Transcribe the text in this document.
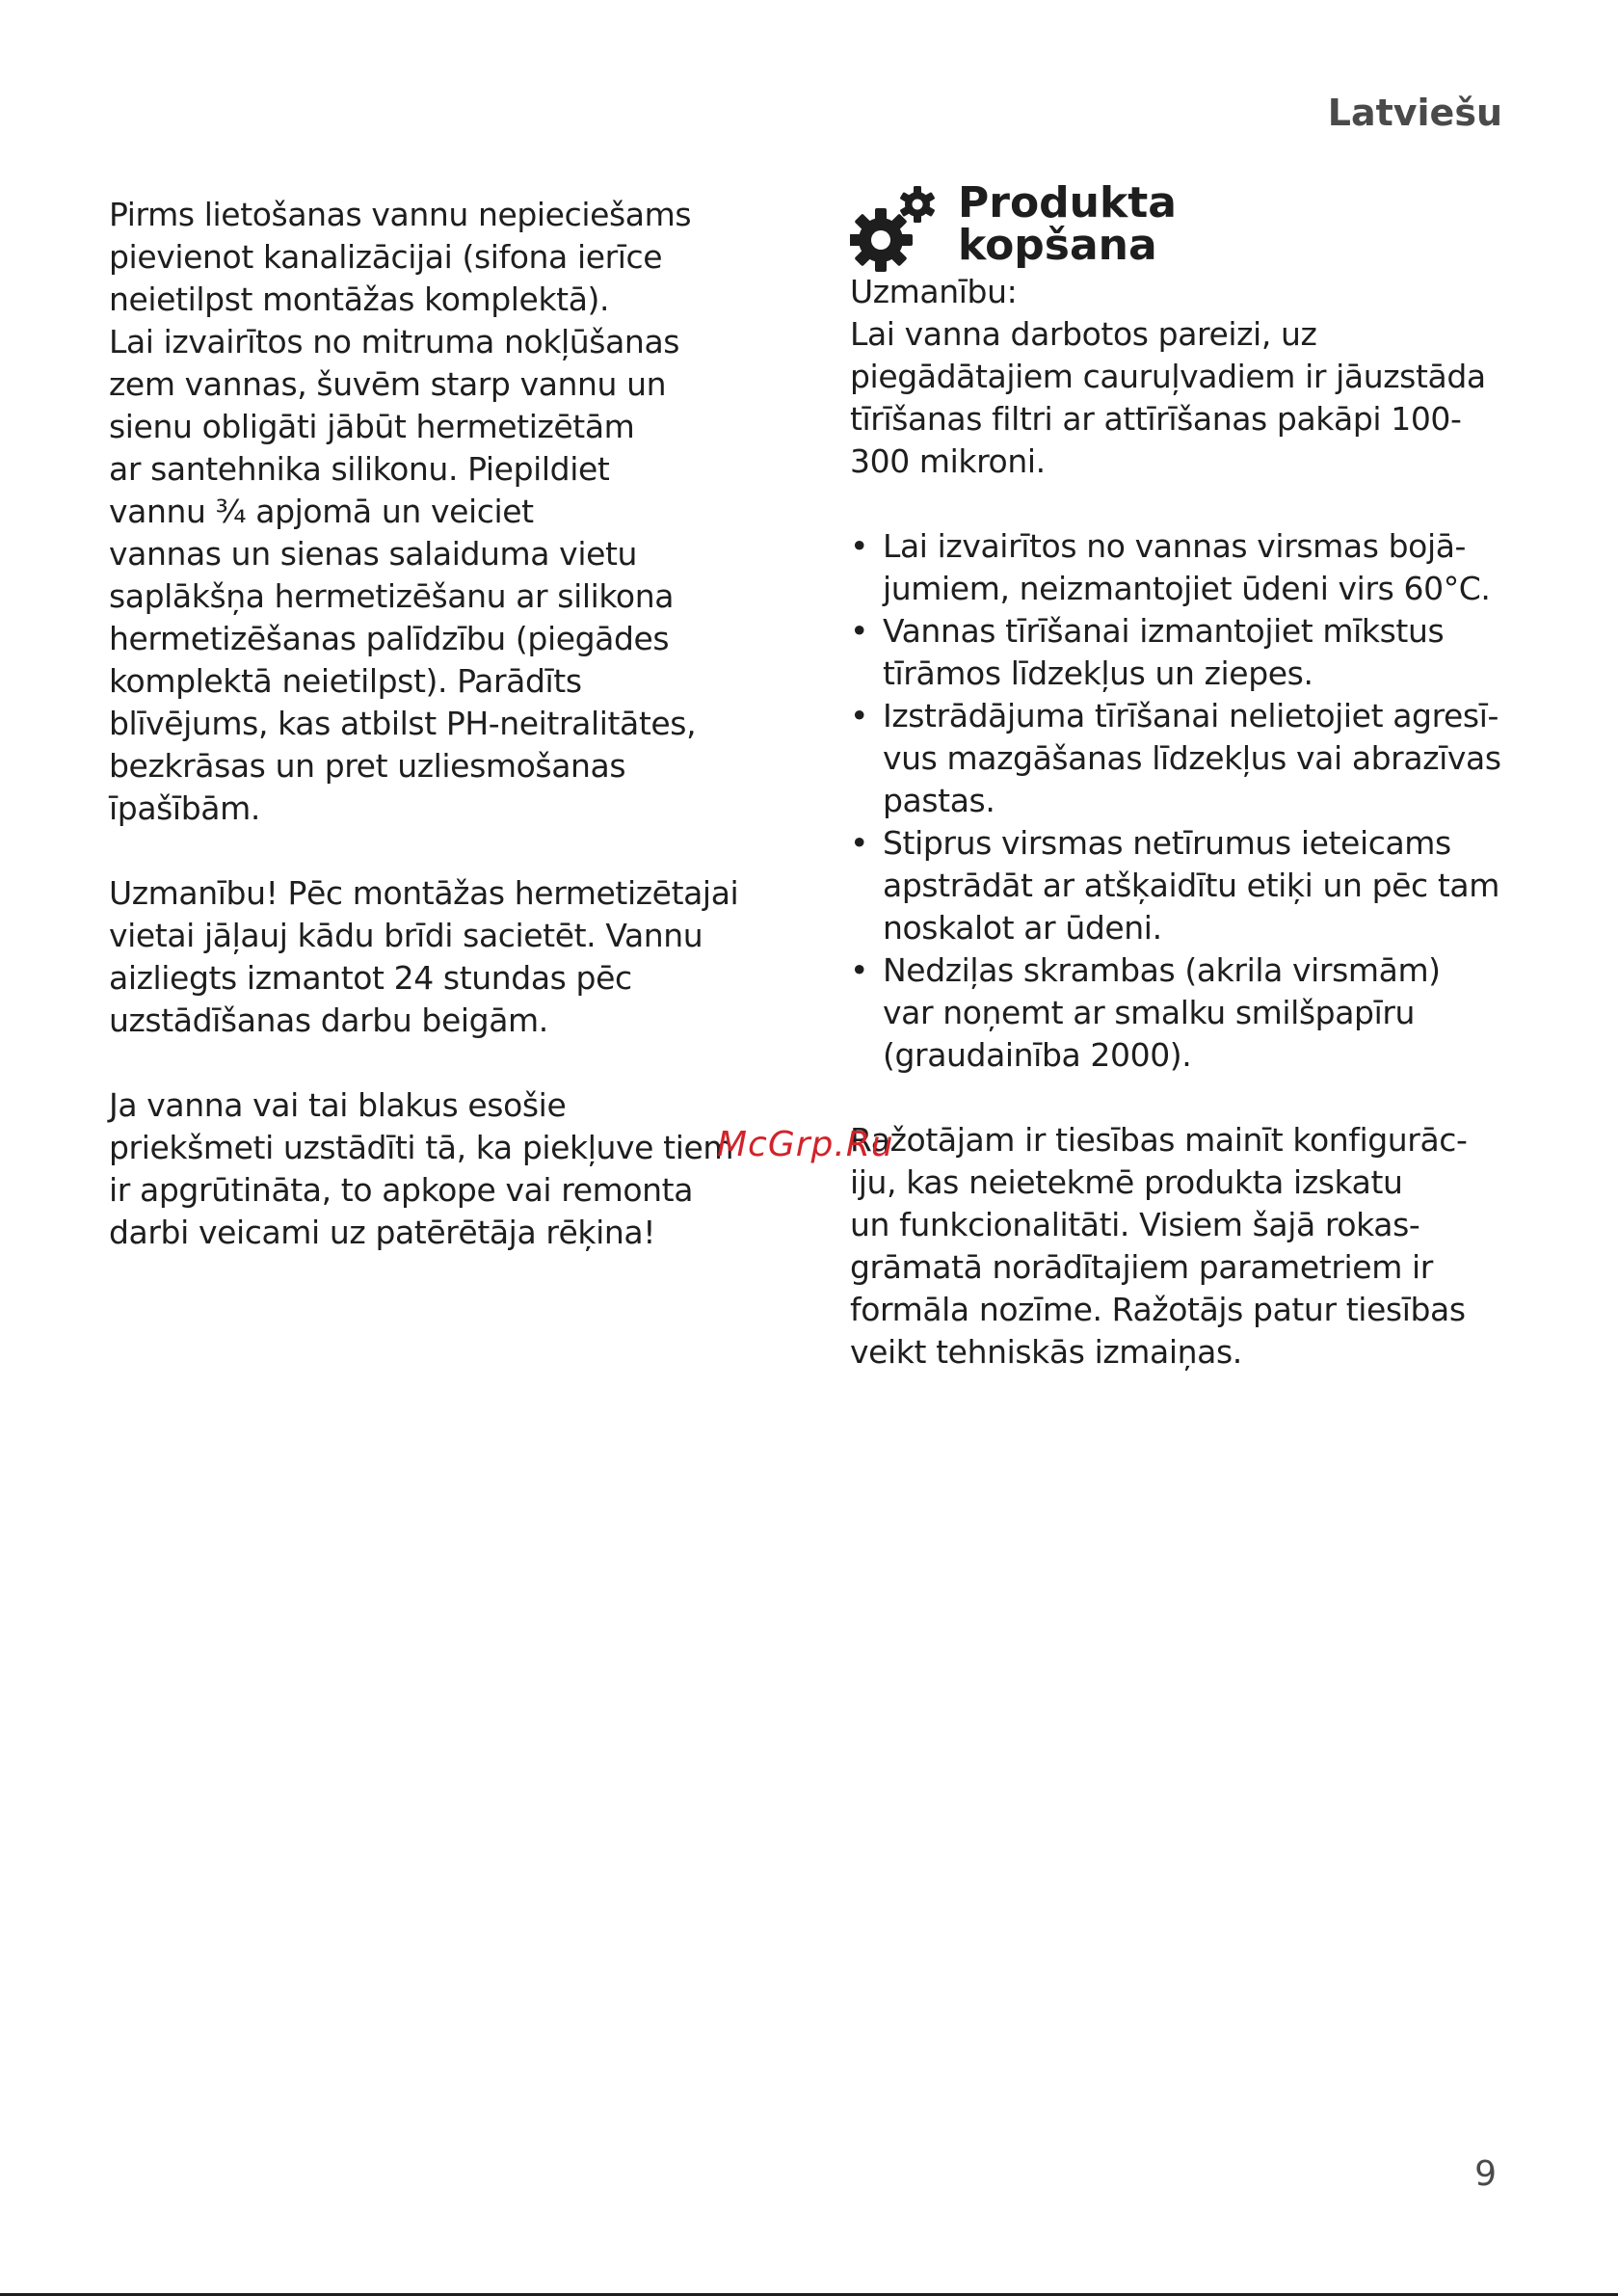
Latviešu

Pirms lietošanas vannu nepieciešams
pievienot kanalizācijai (sifona ierīce
neietilpst montāžas komplektā).
Lai izvairītos no mitruma nokļūšanas
zem vannas, šuvēm starp vannu un
sienu obligāti jābūt hermetizētām
ar santehnika silikonu. Piepildiet
vannu ¾ apjomā un veiciet
vannas un sienas salaiduma vietu
saplākšņa hermetizēšanu ar silikona
hermetizēšanas palīdzību (piegādes
komplektā neietilpst). Parādīts
blīvējums, kas atbilst PH-neitralitātes,
bezkrāsas un pret uzliesmošanas
īpašībām.

Uzmanību! Pēc montāžas hermetizētajai
vietai jāļauj kādu brīdi sacietēt. Vannu
aizliegts izmantot 24 stundas pēc
uzstādīšanas darbu beigām.

Ja vanna vai tai blakus esošie
priekšmeti uzstādīti tā, ka piekļuve tiem
ir apgrūtināta, to apkope vai remonta
darbi veicami uz patērētāja rēķina!

Produkta
kopšana

Uzmanību:

Lai vanna darbotos pareizi, uz
piegādātajiem cauruļvadiem ir jāuzstāda
tīrīšanas filtri ar attīrīšanas pakāpi 100-
300 mikroni.

• Lai izvairītos no vannas virsmas bojā-
jumiem, neizmantojiet ūdeni virs 60°C.
• Vannas tīrīšanai izmantojiet mīkstus
tīrāmos līdzekļus un ziepes.
• Izstrādājuma tīrīšanai nelietojiet agresī-
vus mazgāšanas līdzekļus vai abrazīvas
pastas.
• Stiprus virsmas netīrumus ieteicams
apstrādāt ar atšķaidītu etiķi un pēc tam
noskalot ar ūdeni.
• Nedziļas skrambas (akrila virsmām)
var noņemt ar smalku smilšpapīru
(graudainība 2000).

Ražotājam ir tiesības mainīt konfigurāc-
iju, kas neietekmē produkta izskatu
un funkcionalitāti. Visiem šajā rokas-
grāmatā norādītajiem parametriem ir
formāla nozīme. Ražotājs patur tiesības
veikt tehniskās izmaiņas.

McGrp.Ru
9
